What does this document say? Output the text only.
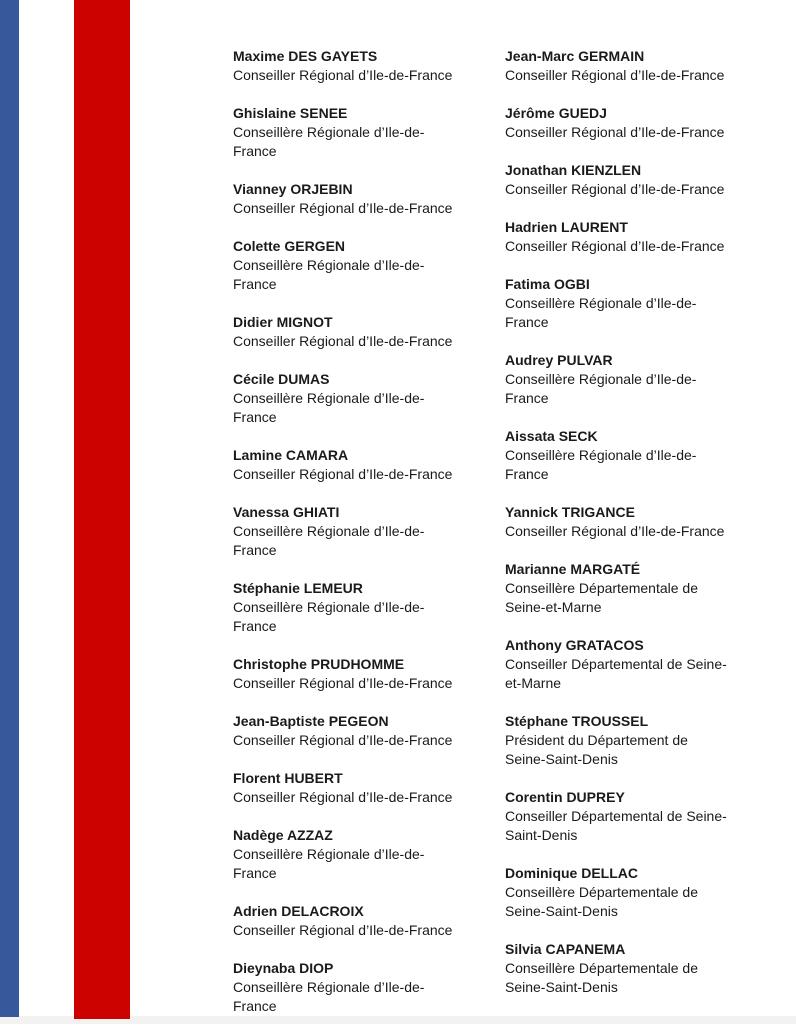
Maxime DES GAYETS
Conseiller Régional d’Ile-de-France
Ghislaine SENEE
Conseillère Régionale d’Ile-de-
France
Vianney ORJEBIN
Conseiller Régional d’Ile-de-France
Colette GERGEN
Conseillère Régionale d’Ile-de-
France
Didier MIGNOT
Conseiller Régional d’Ile-de-France
Cécile DUMAS
Conseillère Régionale d’Ile-de-
France
Lamine CAMARA
Conseiller Régional d’Ile-de-France
Vanessa GHIATI
Conseillère Régionale d’Ile-de-
France
Stéphanie LEMEUR
Conseillère Régionale d’Ile-de-
France
Christophe PRUDHOMME
Conseiller Régional d’Ile-de-France
Jean-Baptiste PEGEON
Conseiller Régional d’Ile-de-France
Florent HUBERT
Conseiller Régional d’Ile-de-France
Nadège AZZAZ
Conseillère Régionale d’Ile-de-
France
Adrien DELACROIX
Conseiller Régional d’Ile-de-France
Dieynaba DIOP
Conseillère Régionale d’Ile-de-
France
Jean-Marc GERMAIN
Conseiller Régional d’Ile-de-France
Jérôme GUEDJ
Conseiller Régional d’Ile-de-France
Jonathan KIENZLEN
Conseiller Régional d’Ile-de-France
Hadrien LAURENT
Conseiller Régional d’Ile-de-France
Fatima OGBI
Conseillère Régionale d’Ile-de-
France
Audrey PULVAR
Conseillère Régionale d’Ile-de-
France
Aissata SECK
Conseillère Régionale d’Ile-de-
France
Yannick TRIGANCE
Conseiller Régional d’Ile-de-France
Marianne MARGATÉ
Conseillère Départementale de
Seine-et-Marne
Anthony GRATACOS
Conseiller Départemental de Seine-
et-Marne
Stéphane TROUSSEL
Président du Département de
Seine-Saint-Denis
Corentin DUPREY
Conseiller Départemental de Seine-
Saint-Denis
Dominique DELLAC
Conseillère Départementale de
Seine-Saint-Denis
Silvia CAPANEMA
Conseillère Départementale de
Seine-Saint-Denis
